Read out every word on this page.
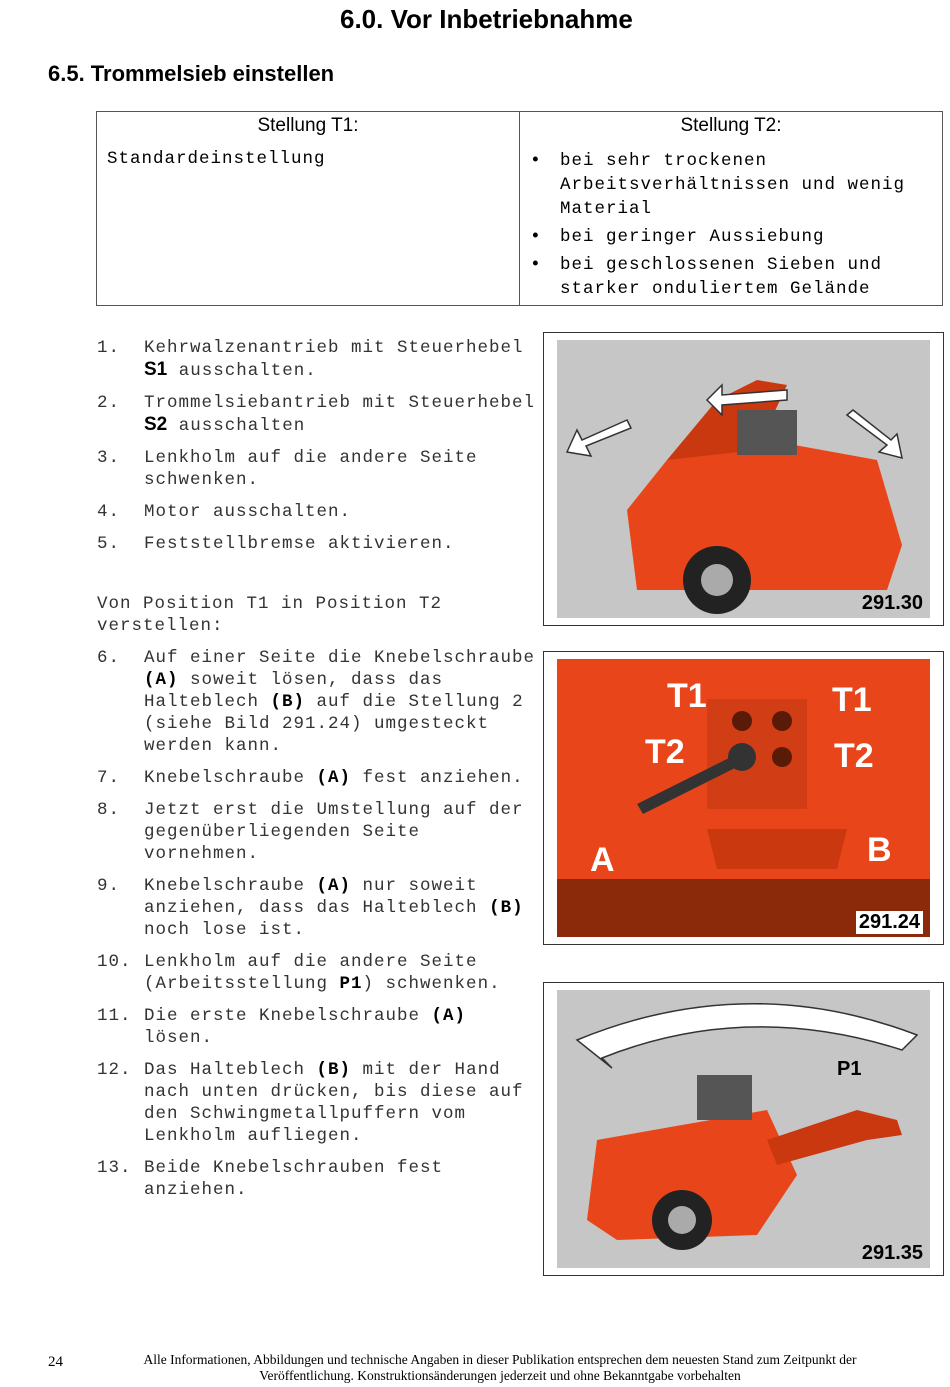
6.0. Vor Inbetriebnahme
6.5. Trommelsieb einstellen
Stellung T1:
Standardeinstellung

Stellung T2:
• bei sehr trockenen Arbeitsverhältnissen und wenig Material
• bei geringer Aussiebung
• bei geschlossenen Sieben und starker onduliertem Gelände
1. Kehrwalzenantrieb mit Steuerhebel S1 ausschalten.
2. Trommelsiebantrieb mit Steuerhebel S2 ausschalten
3. Lenkholm auf die andere Seite schwenken.
4. Motor ausschalten.
5. Feststellbremse aktivieren.
Von Position T1 in Position T2 verstellen:
6. Auf einer Seite die Knebelschraube (A) soweit lösen, dass das Halteblech (B) auf die Stellung 2 (siehe Bild 291.24) umgesteckt werden kann.
7. Knebelschraube (A) fest anziehen.
8. Jetzt erst die Umstellung auf der gegenüberliegenden Seite vornehmen.
9. Knebelschraube (A) nur soweit anziehen, dass das Halteblech (B) noch lose ist.
10. Lenkholm auf die andere Seite (Arbeitsstellung P1) schwenken.
11. Die erste Knebelschraube (A) lösen.
12. Das Halteblech (B) mit der Hand nach unten drücken, bis diese auf den Schwingmetallpuffern vom Lenkholm aufliegen.
13. Beide Knebelschrauben fest anziehen.
291.30
T1	T1
T2	T2
A	B
291.24
P1
291.35
24	Alle Informationen, Abbildungen und technische Angaben in dieser Publikation entsprechen dem neuesten Stand zum Zeitpunkt der Veröffentlichung. Konstruktionsänderungen jederzeit und ohne Bekanntgabe vorbehalten
